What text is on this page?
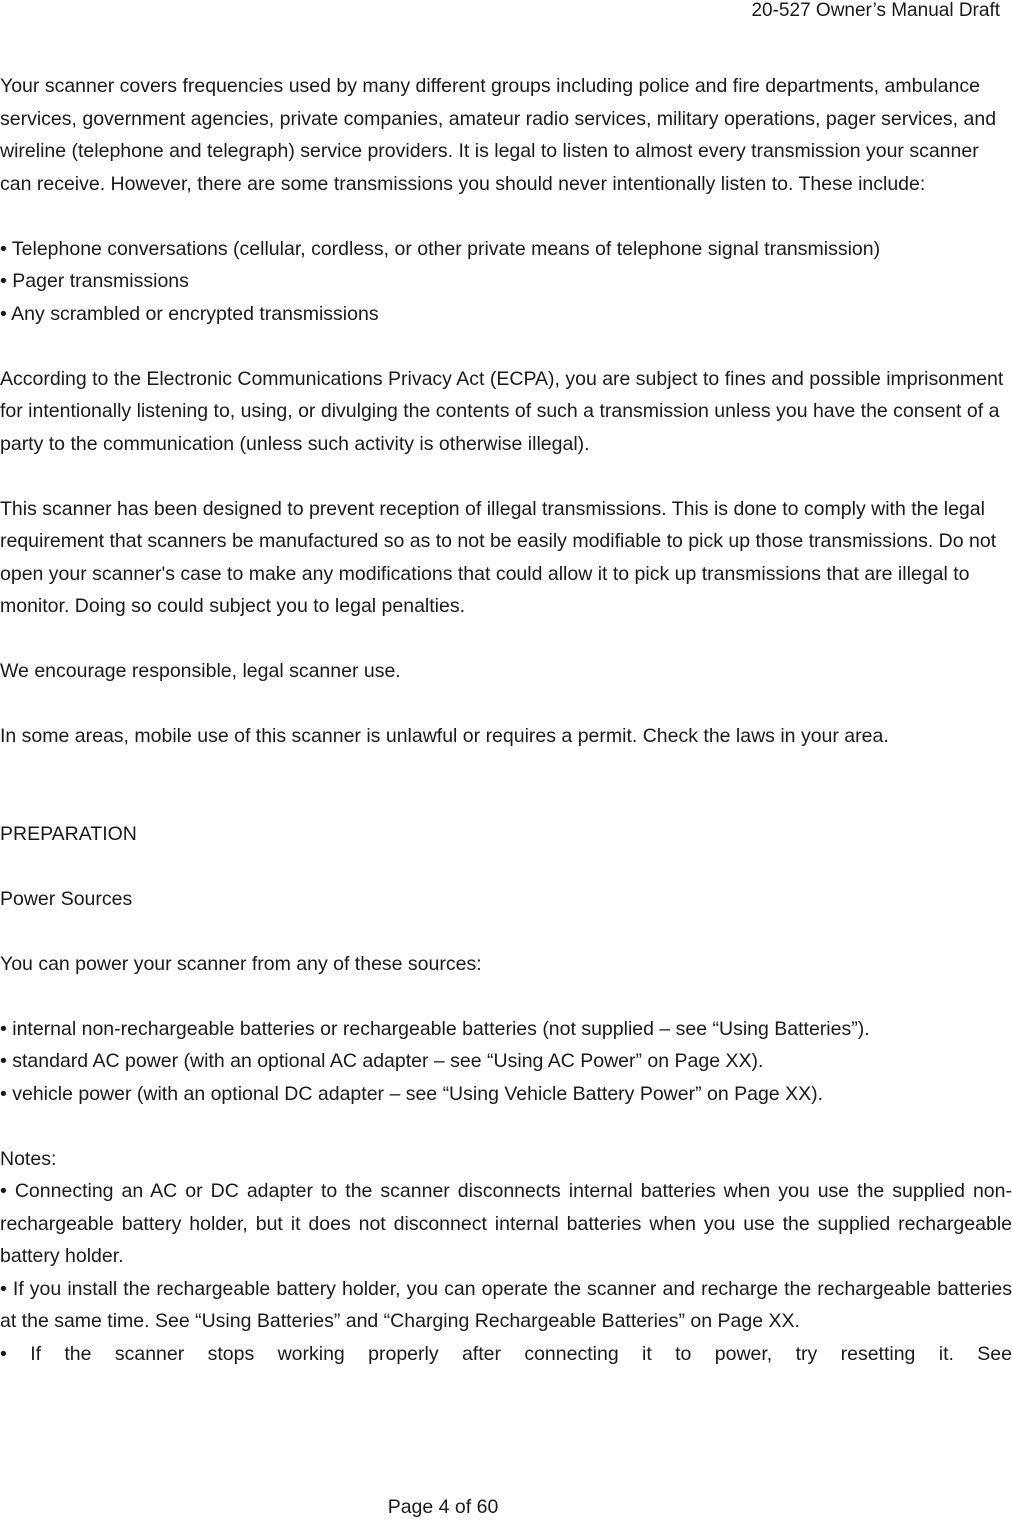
20-527 Owner’s Manual Draft

Your scanner covers frequencies used by many different groups including police and fire departments, ambulance services, government agencies, private companies, amateur radio services, military operations, pager services, and wireline (telephone and telegraph) service providers. It is legal to listen to almost every transmission your scanner can receive. However, there are some transmissions you should never intentionally listen to. These include:

• Telephone conversations (cellular, cordless, or other private means of telephone signal transmission)
• Pager transmissions
• Any scrambled or encrypted transmissions

According to the Electronic Communications Privacy Act (ECPA), you are subject to fines and possible imprisonment for intentionally listening to, using, or divulging the contents of such a transmission unless you have the consent of a party to the communication (unless such activity is otherwise illegal).

This scanner has been designed to prevent reception of illegal transmissions. This is done to comply with the legal requirement that scanners be manufactured so as to not be easily modifiable to pick up those transmissions. Do not open your scanner's case to make any modifications that could allow it to pick up transmissions that are illegal to monitor. Doing so could subject you to legal penalties.

We encourage responsible, legal scanner use.

In some areas, mobile use of this scanner is unlawful or requires a permit. Check the laws in your area.

PREPARATION

Power Sources

You can power your scanner from any of these sources:

• internal non-rechargeable batteries or rechargeable batteries (not supplied – see “Using Batteries”).
• standard AC power (with an optional AC adapter – see “Using AC Power” on Page XX).
• vehicle power (with an optional DC adapter – see “Using Vehicle Battery Power” on Page XX).
Notes:
• Connecting an AC or DC adapter to the scanner disconnects internal batteries when you use the supplied non-rechargeable battery holder, but it does not disconnect internal batteries when you use the supplied rechargeable battery holder.
• If you install the rechargeable battery holder, you can operate the scanner and recharge the rechargeable batteries at the same time. See “Using Batteries” and “Charging Rechargeable Batteries” on Page XX.
• If the scanner stops working properly after connecting it to power, try resetting it. See
Page 4 of 60
